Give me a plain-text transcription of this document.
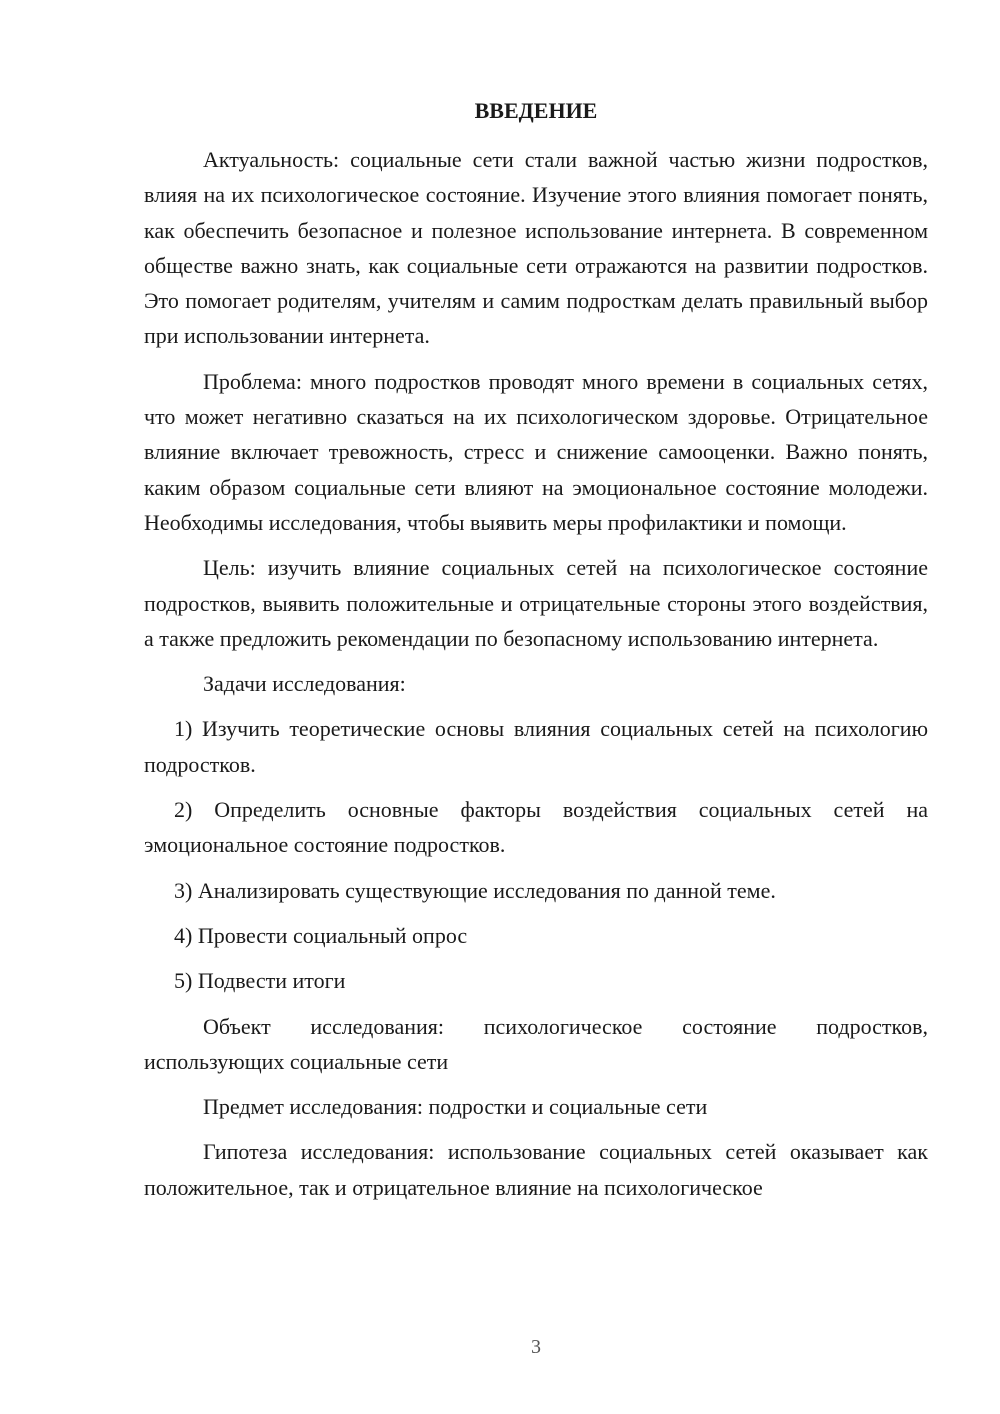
ВВЕДЕНИЕ

Актуальность: социальные сети стали важной частью жизни подростков, влияя на их психологическое состояние. Изучение этого влияния помогает понять, как обеспечить безопасное и полезное использование интернета. В современном обществе важно знать, как социальные сети отражаются на развитии подростков. Это помогает родителям, учителям и самим подросткам делать правильный выбор при использовании интернета.

Проблема: много подростков проводят много времени в социальных сетях, что может негативно сказаться на их психологическом здоровье. Отрицательное влияние включает тревожность, стресс и снижение самооценки. Важно понять, каким образом социальные сети влияют на эмоциональное состояние молодежи. Необходимы исследования, чтобы выявить меры профилактики и помощи.

Цель: изучить влияние социальных сетей на психологическое состояние подростков, выявить положительные и отрицательные стороны этого воздействия, а также предложить рекомендации по безопасному использованию интернета.

Задачи исследования:

1) Изучить теоретические основы влияния социальных сетей на психологию подростков.

2) Определить основные факторы воздействия социальных сетей на эмоциональное состояние подростков.

3) Анализировать существующие исследования по данной теме.

4) Провести социальный опрос

5) Подвести итоги

Объект исследования: психологическое состояние подростков, использующих социальные сети

Предмет исследования: подростки и социальные сети

Гипотеза исследования: использование социальных сетей оказывает как положительное, так и отрицательное влияние на психологическое

3
